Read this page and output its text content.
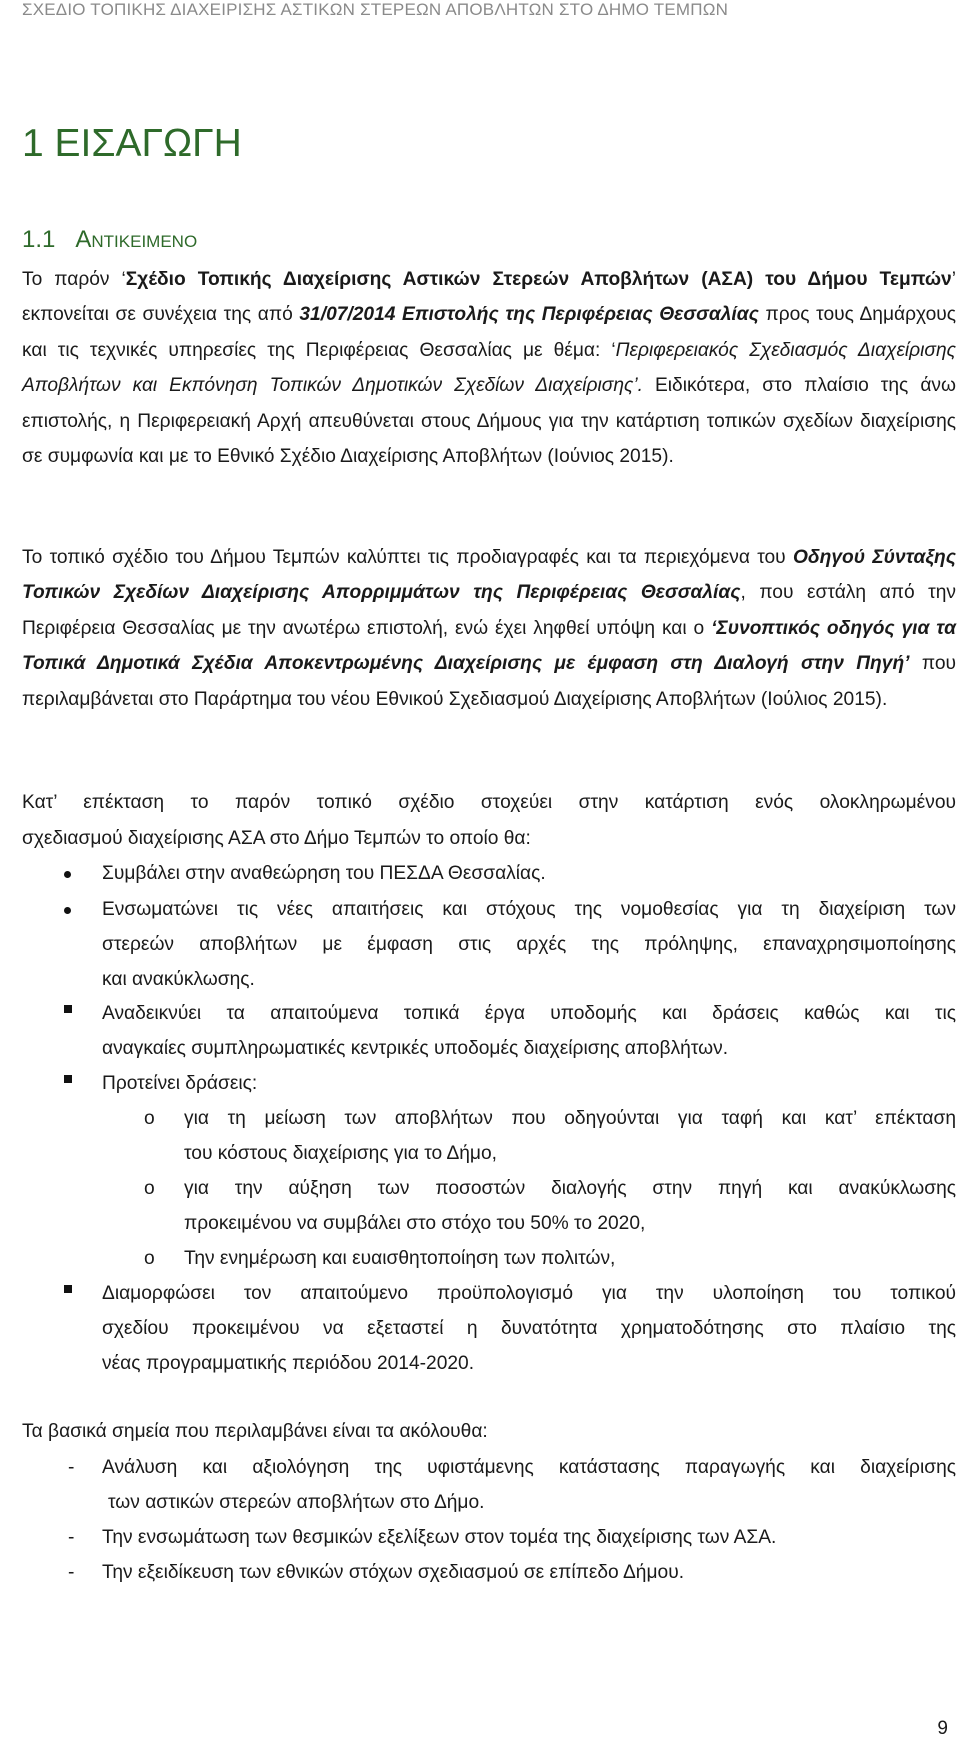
ΣΧΕΔΙΟ ΤΟΠΙΚΗΣ ΔΙΑΧΕΙΡΙΣΗΣ ΑΣΤΙΚΩΝ ΣΤΕΡΕΩΝ ΑΠΟΒΛΗΤΩΝ ΣΤΟ ΔΗΜΟ ΤΕΜΠΩΝ
1 ΕΙΣΑΓΩΓΗ
1.1 Αντικειμενο
Το παρόν ‘Σχέδιο Τοπικής Διαχείρισης Αστικών Στερεών Αποβλήτων (ΑΣΑ) του Δήμου Τεμπών’ εκπονείται σε συνέχεια της από 31/07/2014 Επιστολής της Περιφέρειας Θεσσαλίας προς τους Δημάρχους και τις τεχνικές υπηρεσίες της Περιφέρειας Θεσσαλίας με θέμα: ‘Περιφερειακός Σχεδιασμός Διαχείρισης Αποβλήτων και Εκπόνηση Τοπικών Δημοτικών Σχεδίων Διαχείρισης’. Ειδικότερα, στο πλαίσιο της άνω επιστολής, η Περιφερειακή Αρχή απευθύνεται στους Δήμους για την κατάρτιση τοπικών σχεδίων διαχείρισης σε συμφωνία και με το Εθνικό Σχέδιο Διαχείρισης Αποβλήτων (Ιούνιος 2015).
Το τοπικό σχέδιο του Δήμου Τεμπών καλύπτει τις προδιαγραφές και τα περιεχόμενα του Οδηγού Σύνταξης Τοπικών Σχεδίων Διαχείρισης Απορριμμάτων της Περιφέρειας Θεσσαλίας, που εστάλη από την Περιφέρεια Θεσσαλίας με την ανωτέρω επιστολή, ενώ έχει ληφθεί υπόψη και ο ‘Συνοπτικός οδηγός για τα Τοπικά Δημοτικά Σχέδια Αποκεντρωμένης Διαχείρισης με έμφαση στη Διαλογή στην Πηγή’ που περιλαμβάνεται στο Παράρτημα του νέου Εθνικού Σχεδιασμού Διαχείρισης Αποβλήτων (Ιούλιος 2015).
Κατ’ επέκταση το παρόν τοπικό σχέδιο στοχεύει στην κατάρτιση ενός ολοκληρωμένου
σχεδιασμού διαχείρισης ΑΣΑ στο Δήμο Τεμπών το οποίο θα:
Συμβάλει στην αναθεώρηση του ΠΕΣΔΑ Θεσσαλίας.
Ενσωματώνει τις νέες απαιτήσεις και στόχους της νομοθεσίας για τη διαχείριση των
στερεών αποβλήτων με έμφαση στις αρχές της πρόληψης, επαναχρησιμοποίησης
και ανακύκλωσης.
Αναδεικνύει τα απαιτούμενα τοπικά έργα υποδομής και δράσεις καθώς και τις
αναγκαίες συμπληρωματικές κεντρικές υποδομές διαχείρισης αποβλήτων.
Προτείνει δράσεις:
o για τη μείωση των αποβλήτων που οδηγούνται για ταφή και κατ’ επέκταση
του κόστους διαχείρισης για το Δήμο,
o για την αύξηση των ποσοστών διαλογής στην πηγή και ανακύκλωσης
προκειμένου να συμβάλει στο στόχο του 50% το 2020,
o Την ενημέρωση και ευαισθητοποίηση των πολιτών,
Διαμορφώσει τον απαιτούμενο προϋπολογισμό για την υλοποίηση του τοπικού
σχεδίου προκειμένου να εξεταστεί η δυνατότητα χρηματοδότησης στο πλαίσιο της
νέας προγραμματικής περιόδου 2014-2020.
Τα βασικά σημεία που περιλαμβάνει είναι τα ακόλουθα:
- Ανάλυση και αξιολόγηση της υφιστάμενης κατάστασης παραγωγής και διαχείρισης
των αστικών στερεών αποβλήτων στο Δήμο.
- Την ενσωμάτωση των θεσμικών εξελίξεων στον τομέα της διαχείρισης των ΑΣΑ.
- Την εξειδίκευση των εθνικών στόχων σχεδιασμού σε επίπεδο Δήμου.
9
